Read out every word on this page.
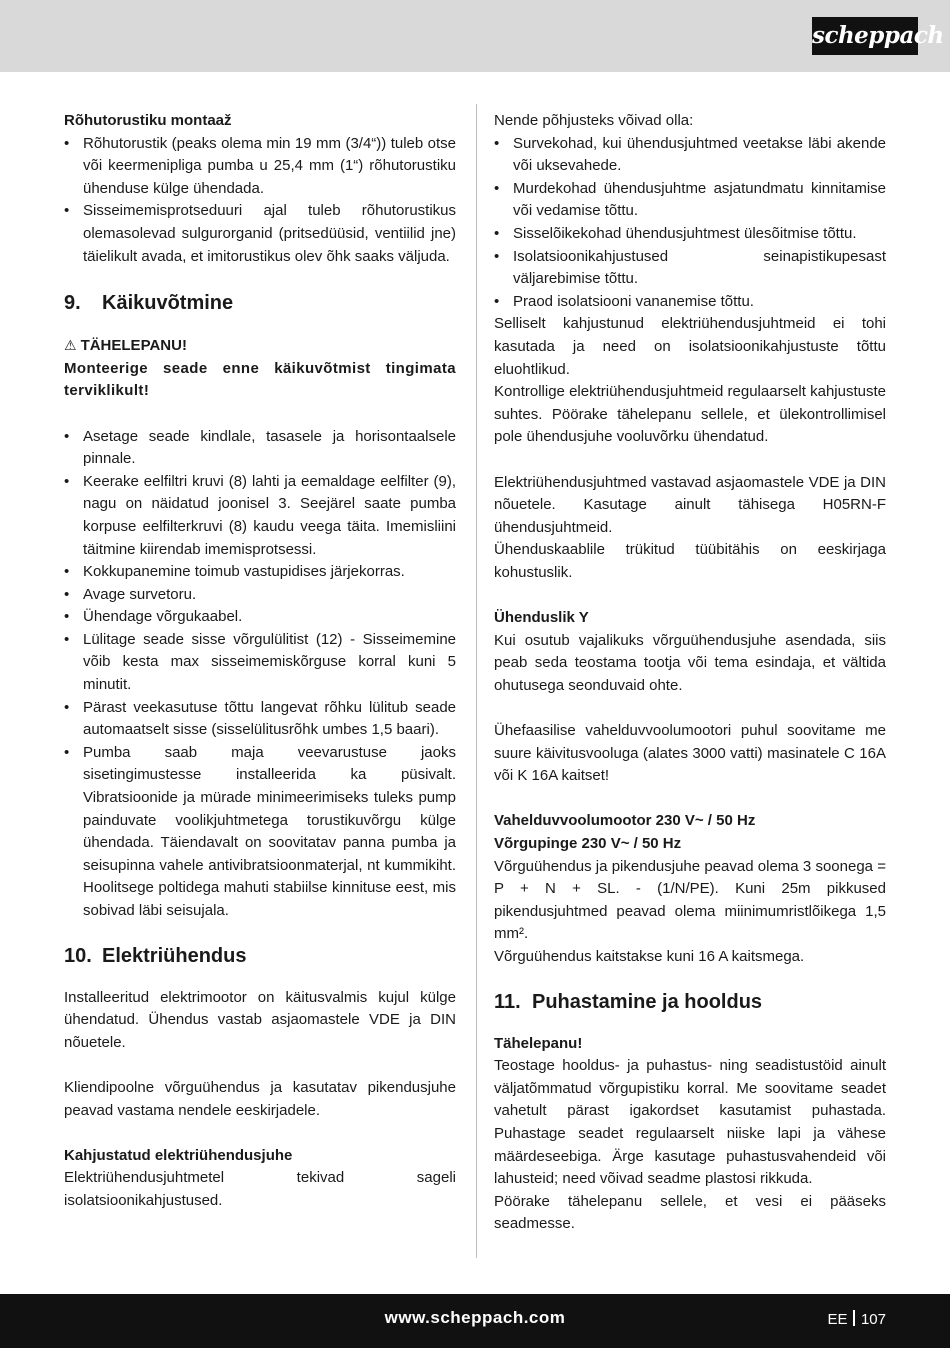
scheppach

Rõhutorustiku montaaž

• Rõhutorustik (peaks olema min 19 mm (3/4“)) tuleb otse või keermenipliga pumba u 25,4 mm (1“) rõhutorustiku ühenduse külge ühendada.
• Sisseimemisprotseduuri ajal tuleb rõhutorustikus olemasolevad sulgurorganid (pritsedüüsid, ventiilid jne) täielikult avada, et imitorustikus olev õhk saaks väljuda.
9. Käikuvõtmine

⚠ TÄHELEPANU!

Monteerige seade enne käikuvõtmist tingimata terviklikult!

• Asetage seade kindlale, tasasele ja horisontaalsele pinnale.
• Keerake eelfiltri kruvi (8) lahti ja eemaldage eelfilter (9), nagu on näidatud joonisel 3. Seejärel saate pumba korpuse eelfilterkruvi (8) kaudu veega täita. Imemisliini täitmine kiirendab imemisprotsessi.
• Kokkupanemine toimub vastupidises järjekorras.
• Avage survetoru.
• Ühendage võrgukaabel.
• Lülitage seade sisse võrgulülitist (12) - Sisseimemine võib kesta max sisseimemiskõrguse korral kuni 5 minutit.
• Pärast veekasutuse tõttu langevat rõhku lülitub seade automaatselt sisse (sisselülitusrõhk umbes 1,5 baari).
• Pumba saab maja veevarustuse jaoks sisetingimustesse installeerida ka püsivalt. Vibratsioonide ja mürade minimeerimiseks tuleks pump painduvate voolikjuhtmetega torustikuvõrgu külge ühendada. Täiendavalt on soovitatav panna pumba ja seisupinna vahele antivibratsioonmaterjal, nt kummikiht. Hoolitsege poltidega mahuti stabiilse kinnituse eest, mis sobivad läbi seisujala.
10. Elektriühendus

Installeeritud elektrimootor on käitusvalmis kujul külge ühendatud. Ühendus vastab asjaomastele VDE ja DIN nõuetele.

Kliendipoolne võrguühendus ja kasutatav pikendusjuhe peavad vastama nendele eeskirjadele.

Kahjustatud elektriühendusjuhe

Elektriühendusjuhtmetel tekivad sageli isolatsioonikahjustused.

Nende põhjusteks võivad olla:

• Survekohad, kui ühendusjuhtmed veetakse läbi akende või uksevahede.
• Murdekohad ühendusjuhtme asjatundmatu kinnitamise või vedamise tõttu.
• Sisselõikekohad ühendusjuhtmest ülesõitmise tõttu.
• Isolatsioonikahjustused seinapistikupesast väljarebimise tõttu.
• Praod isolatsiooni vananemise tõttu.

Selliselt kahjustunud elektriühendusjuhtmeid ei tohi kasutada ja need on isolatsioonikahjustuste tõttu eluohtlikud.

Kontrollige elektriühendusjuhtmeid regulaarselt kahjustuste suhtes. Pöörake tähelepanu sellele, et ülekontrollimisel pole ühendusjuhe vooluvõrku ühendatud.

Elektriühendusjuhtmed vastavad asjaomastele VDE ja DIN nõuetele. Kasutage ainult tähisega H05RN-F ühendusjuhtmeid.

Ühenduskaablile trükitud tüübitähis on eeskirjaga kohustuslik.

Ühenduslik Y

Kui osutub vajalikuks võrguühendusjuhe asendada, siis peab seda teostama tootja või tema esindaja, et vältida ohutusega seonduvaid ohte.

Ühefaasilise vahelduvvoolumootori puhul soovitame me suure käivitusvooluga (alates 3000 vatti) masinatele C 16A või K 16A kaitset!

Vahelduvvoolumootor 230 V~ / 50 Hz

Võrgupinge 230 V~ / 50 Hz

Võrguühendus ja pikendusjuhe peavad olema 3 soonega = P + N + SL. - (1/N/PE). Kuni 25m pikkused pikendusjuhtmed peavad olema miinimumristlõikega 1,5 mm².

Võrguühendus kaitstakse kuni 16 A kaitsmega.

11. Puhastamine ja hooldus

Tähelepanu!

Teostage hooldus- ja puhastus- ning seadistustöid ainult väljatõmmatud võrgupistiku korral. Me soovitame seadet vahetult pärast igakordset kasutamist puhastada. Puhastage seadet regulaarselt niiske lapi ja vähese määrdeseebiga. Ärge kasutage puhastusvahendeid või lahusteid; need võivad seadme plastosi rikkuda.

Pöörake tähelepanu sellele, et vesi ei pääseks seadmesse.

www.scheppach.com	EE 107
